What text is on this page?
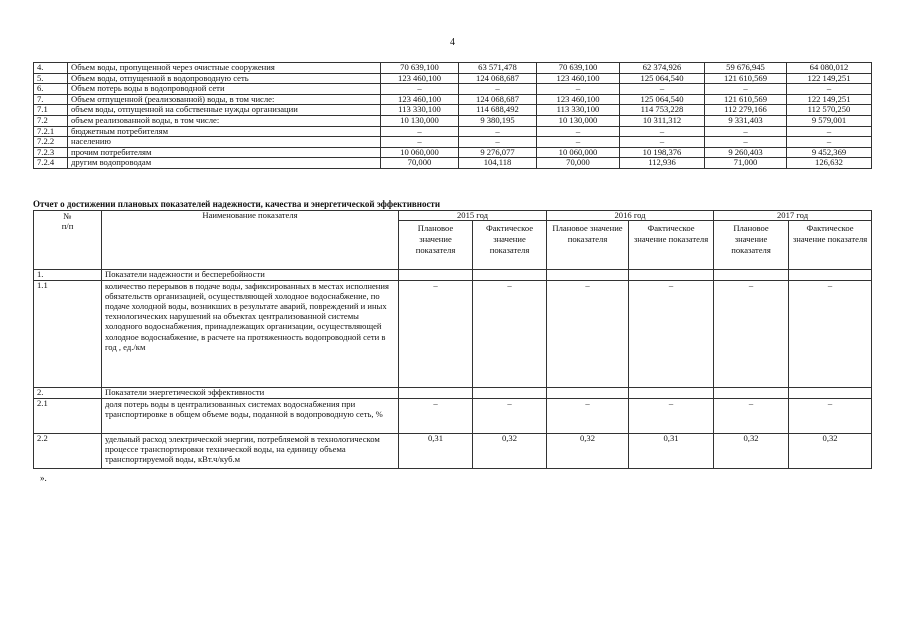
4
4.	Объем воды, пропущенной через очистные сооружения	70 639,100	63 571,478	70 639,100	62 374,926	59 676,945	64 080,012
5.	Объем воды, отпущенной в водопроводную сеть	123 460,100	124 068,687	123 460,100	125 064,540	121 610,569	122 149,251
6.	Объем потерь воды в водопроводной сети	–	–	–	–	–	–
7.	Объем отпущенной (реализованной) воды, в том числе:	123 460,100	124 068,687	123 460,100	125 064,540	121 610,569	122 149,251
7.1	объем воды, отпущенной на собственные нужды организации	113 330,100	114 688,492	113 330,100	114 753,228	112 279,166	112 570,250
7.2	объем реализованной воды, в том числе:	10 130,000	9 380,195	10 130,000	10 311,312	9 331,403	9 579,001
7.2.1	бюджетным потребителям	–	–	–	–	–	–
7.2.2	населению	–	–	–	–	–	–
7.2.3	прочим потребителям	10 060,000	9 276,077	10 060,000	10 198,376	9 260,403	9 452,369
7.2.4	другим водопроводам	70,000	104,118	70,000	112,936	71,000	126,632
Отчет о достижении плановых показателей надежности, качества и энергетической эффективности
№
п/п	Наименование показателя	2015 год		2016 год		2017 год	
		Плановое значение показателя	Фактическое значение показателя	Плановое значение показателя	Фактическое значение показателя	Плановое значение показателя	Фактическое значение показателя
1.	Показатели надежности и бесперебойности						
1.1	количество перерывов в подаче воды, зафиксированных в местах исполнения обязательств организацией, осуществляющей холодное водоснабжение, по подаче холодной воды, возникших в результате аварий, повреждений и иных технологических нарушений на объектах централизованной системы холодного водоснабжения, принадлежащих организации, осуществляющей холодное водоснабжение, в расчете на протяженность водопроводной сети в год , ед./км	–	–	–	–	–	–
2.	Показатели энергетической эффективности						
2.1	доля потерь воды в централизованных системах водоснабжения при транспортировке в общем объеме воды, поданной в водопроводную сеть, %	–	–	–	–	–	–
2.2	удельный расход электрической энергии, потребляемой в технологическом процессе транспортировки технической воды, на единицу объема транспортируемой воды, кВт.ч/куб.м	0,31	0,32	0,32	0,31	0,32	0,32
».
